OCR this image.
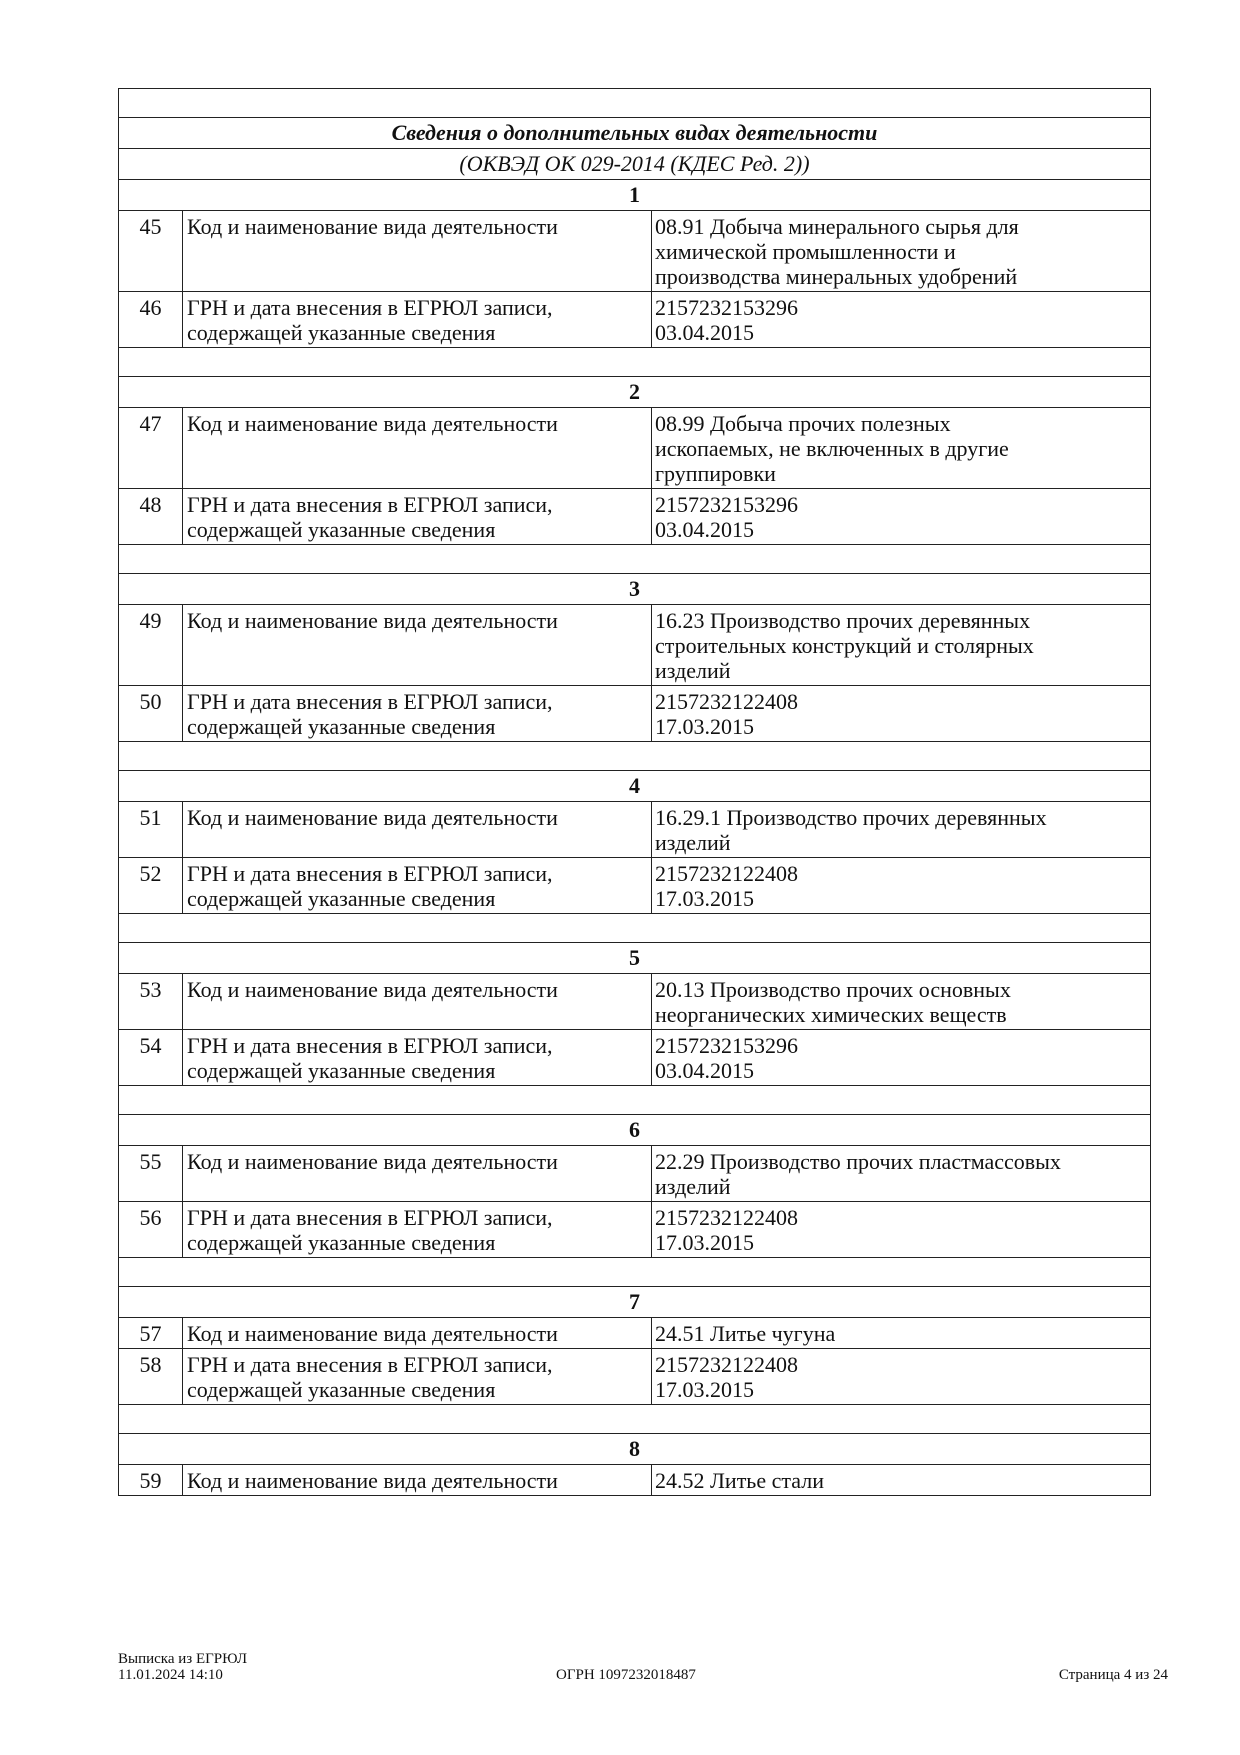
Сведения о дополнительных видах деятельности		
(ОКВЭД ОК 029-2014 (КДЕС Ред. 2))		
1		
45	Код и наименование вида деятельности	08.91 Добыча минерального сырья для
химической промышленности и
производства минеральных удобрений

46	ГРН и дата внесения в ЕГРЮЛ записи,
содержащей указанные сведения	2157232153296
03.04.2015

2		
47	Код и наименование вида деятельности	08.99 Добыча прочих полезных
ископаемых, не включенных в другие
группировки

48	ГРН и дата внесения в ЕГРЮЛ записи,
содержащей указанные сведения	2157232153296
03.04.2015

3		
49	Код и наименование вида деятельности	16.23 Производство прочих деревянных
строительных конструкций и столярных
изделий

50	ГРН и дата внесения в ЕГРЮЛ записи,
содержащей указанные сведения	2157232122408
17.03.2015

4		
51	Код и наименование вида деятельности	16.29.1 Производство прочих деревянных
изделий

52	ГРН и дата внесения в ЕГРЮЛ записи,
содержащей указанные сведения	2157232122408
17.03.2015

5		
53	Код и наименование вида деятельности	20.13 Производство прочих основных
неорганических химических веществ

54	ГРН и дата внесения в ЕГРЮЛ записи,
содержащей указанные сведения	2157232153296
03.04.2015

6		
55	Код и наименование вида деятельности	22.29 Производство прочих пластмассовых
изделий

56	ГРН и дата внесения в ЕГРЮЛ записи,
содержащей указанные сведения	2157232122408
17.03.2015

7		
57	Код и наименование вида деятельности	24.51 Литье чугуна

58	ГРН и дата внесения в ЕГРЮЛ записи,
содержащей указанные сведения	2157232122408
17.03.2015

8		
59	Код и наименование вида деятельности	24.52 Литье стали
Выписка из ЕГРЮЛ
11.01.2024 14:10	ОГРН 1097232018487	Страница 4 из 24
